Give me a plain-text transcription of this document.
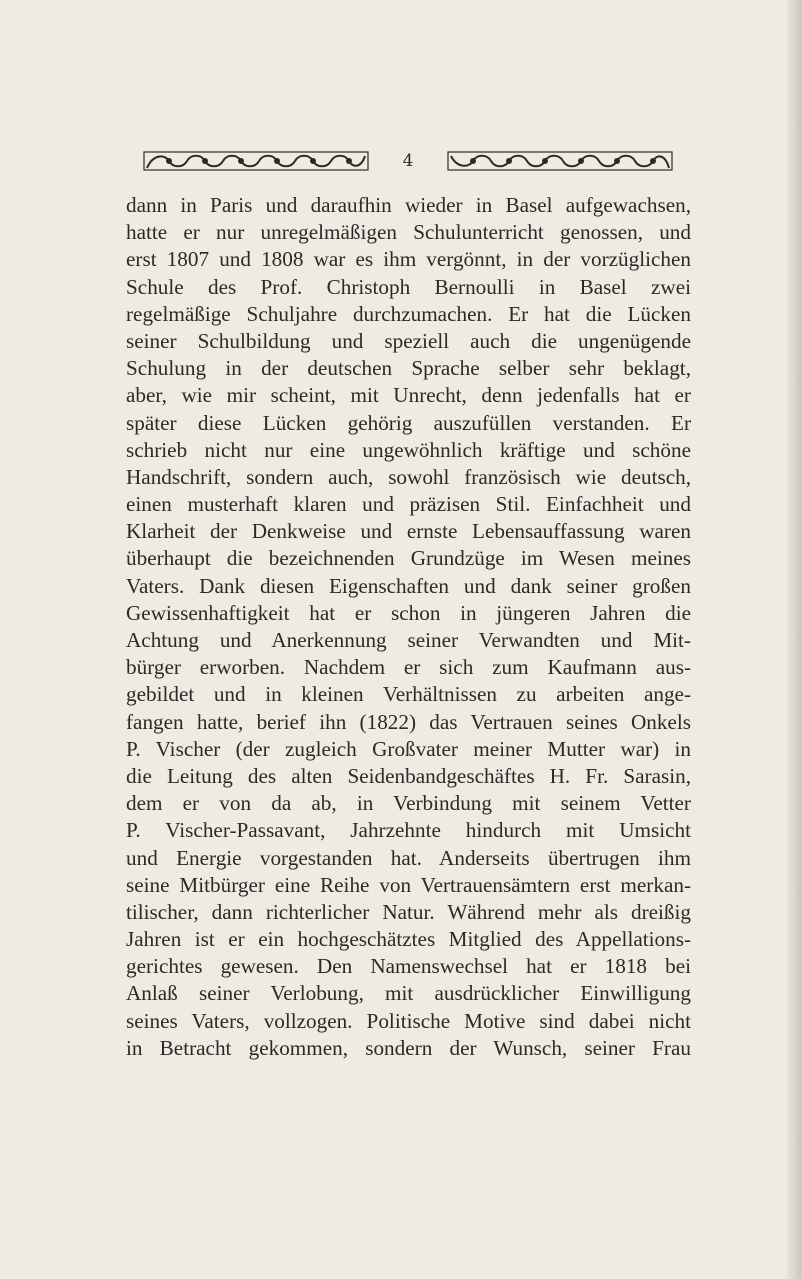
4
dann in Paris und daraufhin wieder in Basel aufgewachsen,
hatte er nur unregelmäßigen Schulunterricht genossen, und
erst 1807 und 1808 war es ihm vergönnt, in der vorzüglichen
Schule des Prof. Christoph Bernoulli in Basel zwei
regelmäßige Schuljahre durchzumachen. Er hat die Lücken
seiner Schulbildung und speziell auch die ungenügende
Schulung in der deutschen Sprache selber sehr beklagt,
aber, wie mir scheint, mit Unrecht, denn jedenfalls hat er
später diese Lücken gehörig auszufüllen verstanden. Er
schrieb nicht nur eine ungewöhnlich kräftige und schöne
Handschrift, sondern auch, sowohl französisch wie deutsch,
einen musterhaft klaren und präzisen Stil. Einfachheit und
Klarheit der Denkweise und ernste Lebensauffassung waren
überhaupt die bezeichnenden Grundzüge im Wesen meines
Vaters. Dank diesen Eigenschaften und dank seiner großen
Gewissenhaftigkeit hat er schon in jüngeren Jahren die
Achtung und Anerkennung seiner Verwandten und Mit-
bürger erworben. Nachdem er sich zum Kaufmann aus-
gebildet und in kleinen Verhältnissen zu arbeiten ange-
fangen hatte, berief ihn (1822) das Vertrauen seines Onkels
P. Vischer (der zugleich Großvater meiner Mutter war) in
die Leitung des alten Seidenbandgeschäftes H. Fr. Sarasin,
dem er von da ab, in Verbindung mit seinem Vetter
P. Vischer-Passavant, Jahrzehnte hindurch mit Umsicht
und Energie vorgestanden hat. Anderseits übertrugen ihm
seine Mitbürger eine Reihe von Vertrauensämtern erst merkan-
tilischer, dann richterlicher Natur. Während mehr als dreißig
Jahren ist er ein hochgeschätztes Mitglied des Appellations-
gerichtes gewesen. Den Namenswechsel hat er 1818 bei
Anlaß seiner Verlobung, mit ausdrücklicher Einwilligung
seines Vaters, vollzogen. Politische Motive sind dabei nicht
in Betracht gekommen, sondern der Wunsch, seiner Frau
